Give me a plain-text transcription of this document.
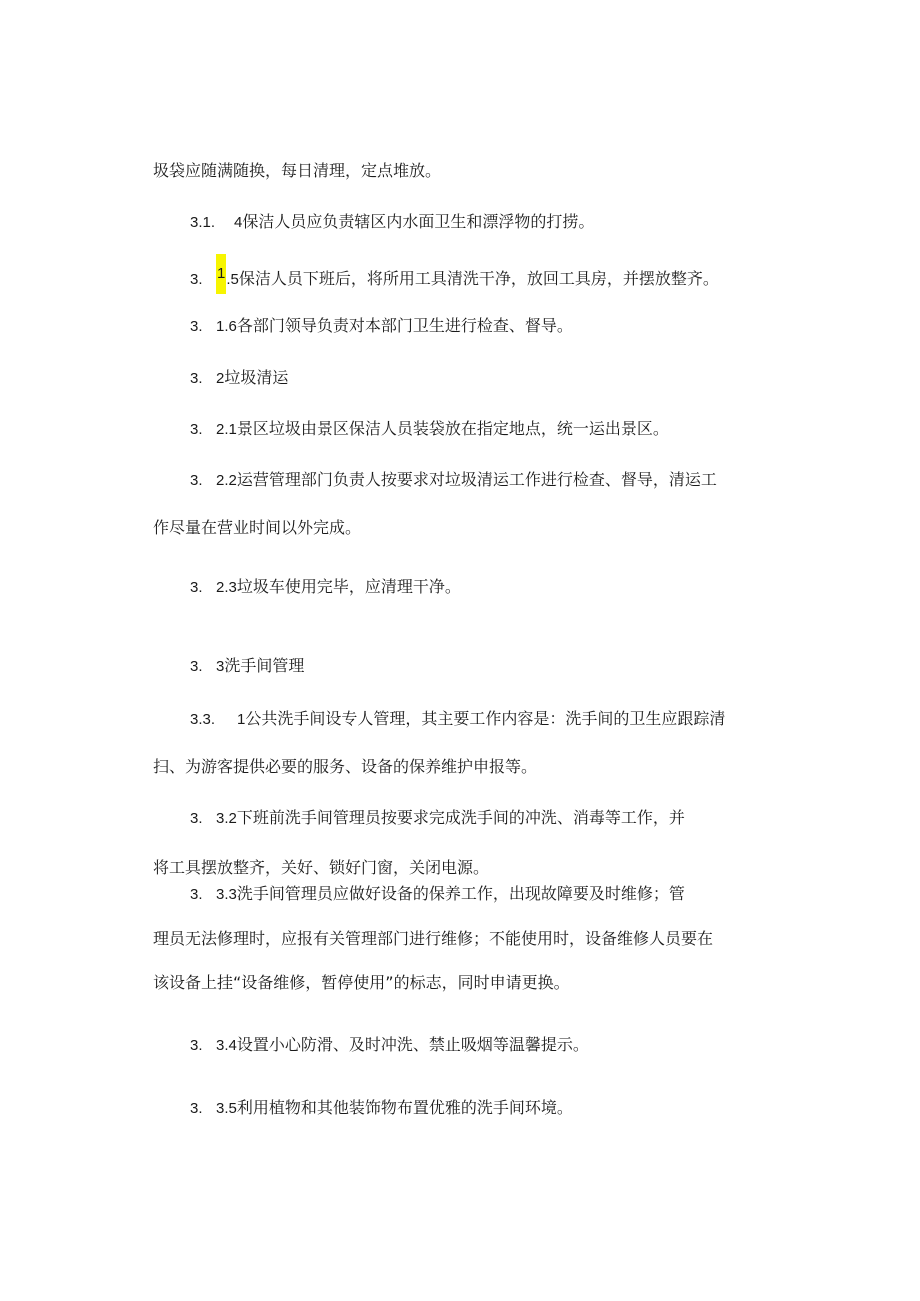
圾袋应随满随换，每日清理，定点堆放。
3.1. 4保洁人员应负责辖区内水面卫生和漂浮物的打捞。
3. 1.5保洁人员下班后，将所用工具清洗干净，放回工具房，并摆放整齐。
3. 1.6各部门领导负责对本部门卫生进行检查、督导。
3. 2垃圾清运
3. 2.1景区垃圾由景区保洁人员装袋放在指定地点，统一运出景区。
3. 2.2运营管理部门负责人按要求对垃圾清运工作进行检查、督导，清运工
作尽量在营业时间以外完成。
3. 2.3垃圾车使用完毕，应清理干净。
3. 3洗手间管理
3.3. 1公共洗手间设专人管理，其主要工作内容是：洗手间的卫生应跟踪清
扫、为游客提供必要的服务、设备的保养维护申报等。
3. 3.2下班前洗手间管理员按要求完成洗手间的冲洗、消毒等工作，并
将工具摆放整齐，关好、锁好门窗，关闭电源。
3. 3.3洗手间管理员应做好设备的保养工作，出现故障要及时维修；管
理员无法修理时，应报有关管理部门进行维修；不能使用时，设备维修人员要在
该设备上挂“设备维修，暂停使用”的标志，同时申请更换。
3. 3.4设置小心防滑、及时冲洗、禁止吸烟等温馨提示。
3. 3.5利用植物和其他装饰物布置优雅的洗手间环境。
